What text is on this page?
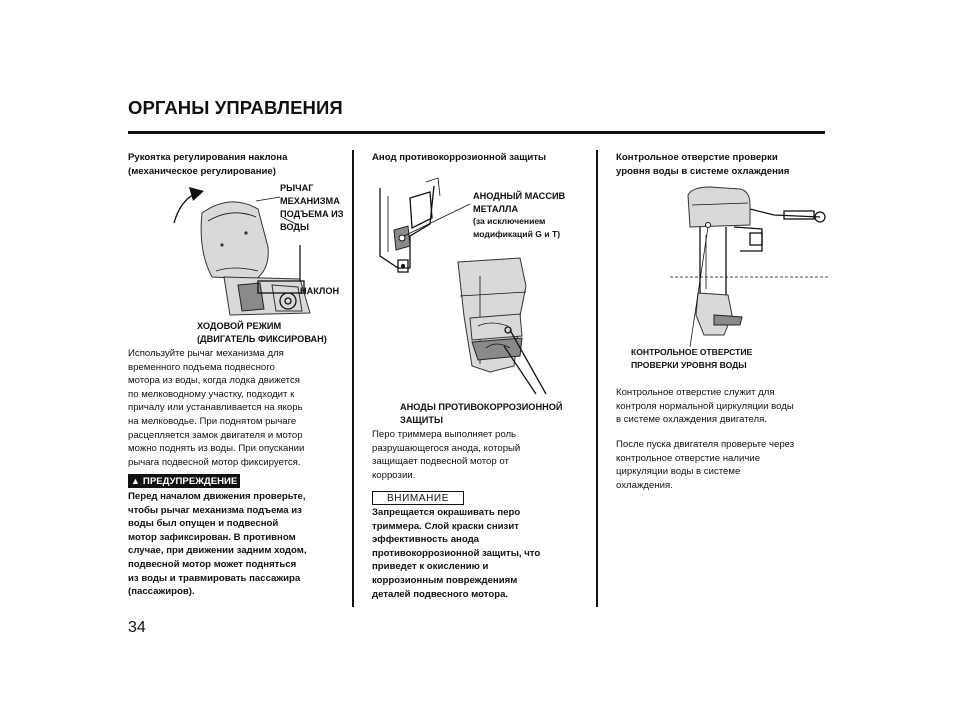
ОРГАНЫ УПРАВЛЕНИЯ
Рукоятка регулирования наклона
(механическое регулирование)
РЫЧАГ
МЕХАНИЗМА
ПОДЪЕМА ИЗ
ВОДЫ
НАКЛОН
ХОДОВОЙ РЕЖИМ
(ДВИГАТЕЛЬ ФИКСИРОВАН)
Используйте рычаг механизма для
временного подъема подвесного
мотора из воды, когда лодка движется
по мелководному участку, подходит к
причалу или устанавливается на якорь
на мелководье. При поднятом рычаге
расцепляется замок двигателя и мотор
можно поднять из воды. При опускании
рычага подвесной мотор фиксируется.
▲ ПРЕДУПРЕЖДЕНИЕ
Перед началом движения проверьте,
чтобы рычаг механизма подъема из
воды был опущен и подвесной
мотор зафиксирован. В противном
случае, при движении задним ходом,
подвесной мотор может подняться
из воды и травмировать пассажира
(пассажиров).
Анод противокоррозионной защиты
АНОДНЫЙ МАССИВ
МЕТАЛЛА
(за исключением
модификаций G и T)
АНОДЫ ПРОТИВОКОРРОЗИОННОЙ
ЗАЩИТЫ
Перо триммера выполняет роль
разрушающегося анода, который
защищает подвесной мотор от
коррозии.
ВНИМАНИЕ
Запрещается окрашивать перо
триммера. Слой краски снизит
эффективность анода
противокоррозионной защиты, что
приведет к окислению и
коррозионным повреждениям
деталей подвесного мотора.
Контрольное отверстие проверки
уровня воды в системе охлаждения
КОНТРОЛЬНОЕ ОТВЕРСТИЕ
ПРОВЕРКИ УРОВНЯ ВОДЫ
Контрольное отверстие служит для
контроля нормальной циркуляции воды
в системе охлаждения двигателя.
После пуска двигателя проверьте через
контрольное отверстие наличие
циркуляции воды в системе
охлаждения.
34
